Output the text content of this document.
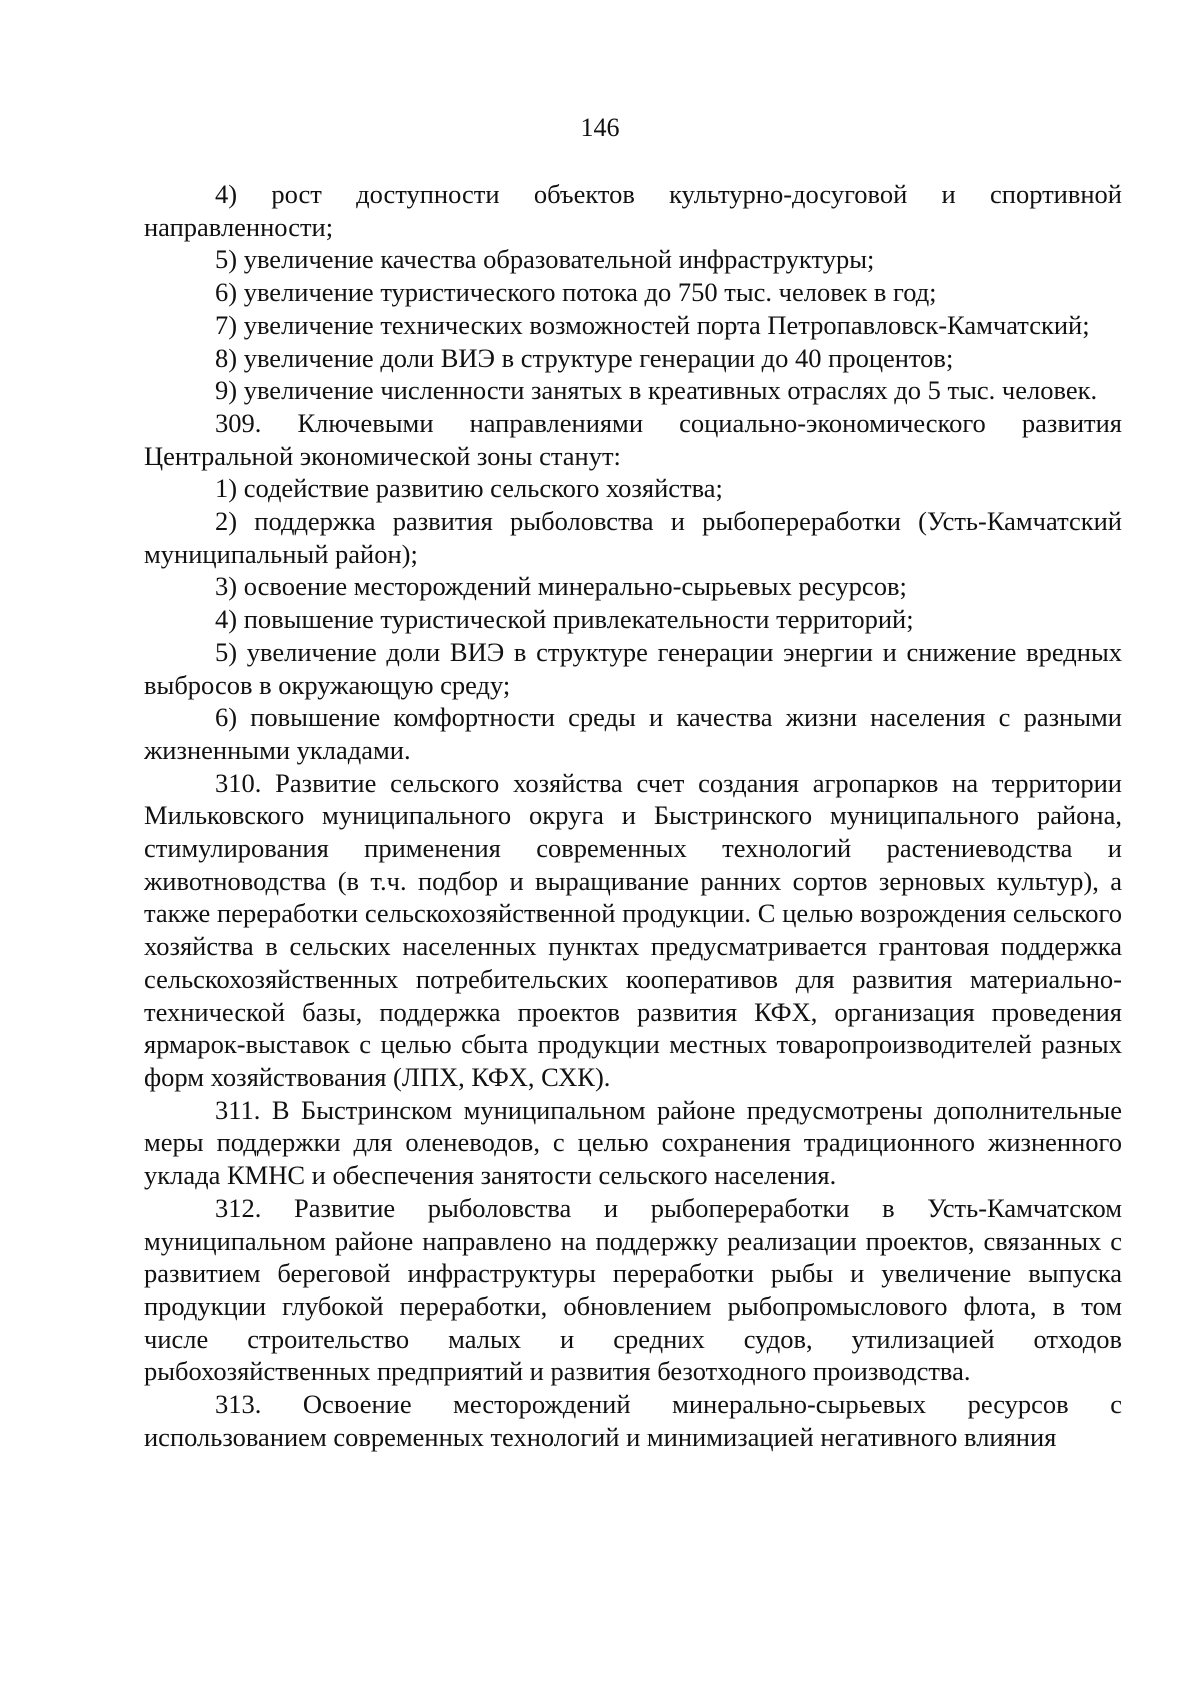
146

4) рост доступности объектов культурно-досуговой и спортивной направленности;

5) увеличение качества образовательной инфраструктуры;

6) увеличение туристического потока до 750 тыс. человек в год;

7) увеличение технических возможностей порта Петропавловск-Камчатский;

8) увеличение доли ВИЭ в структуре генерации до 40 процентов;

9) увеличение численности занятых в креативных отраслях до 5 тыс. человек.

309. Ключевыми направлениями социально-экономического развития Центральной экономической зоны станут:

1) содействие развитию сельского хозяйства;

2) поддержка развития рыболовства и рыбопереработки (Усть-Камчатский муниципальный район);

3) освоение месторождений минерально-сырьевых ресурсов;

4) повышение туристической привлекательности территорий;

5) увеличение доли ВИЭ в структуре генерации энергии и снижение вредных выбросов в окружающую среду;

6) повышение комфортности среды и качества жизни населения с разными жизненными укладами.

310. Развитие сельского хозяйства счет создания агропарков на территории Мильковского муниципального округа и Быстринского муниципального района, стимулирования применения современных технологий растениеводства и животноводства (в т.ч. подбор и выращивание ранних сортов зерновых культур), а также переработки сельскохозяйственной продукции. С целью возрождения сельского хозяйства в сельских населенных пунктах предусматривается грантовая поддержка сельскохозяйственных потребительских кооперативов для развития материально-технической базы, поддержка проектов развития КФХ, организация проведения ярмарок-выставок с целью сбыта продукции местных товаропроизводителей разных форм хозяйствования (ЛПХ, КФХ, СХК).

311. В Быстринском муниципальном районе предусмотрены дополнительные меры поддержки для оленеводов, с целью сохранения традиционного жизненного уклада КМНС и обеспечения занятости сельского населения.

312. Развитие рыболовства и рыбопереработки в Усть-Камчатском муниципальном районе направлено на поддержку реализации проектов, связанных с развитием береговой инфраструктуры переработки рыбы и увеличение выпуска продукции глубокой переработки, обновлением рыбопромыслового флота, в том числе строительство малых и средних судов, утилизацией отходов рыбохозяйственных предприятий и развития безотходного производства.

313. Освоение месторождений минерально-сырьевых ресурсов с использованием современных технологий и минимизацией негативного влияния
